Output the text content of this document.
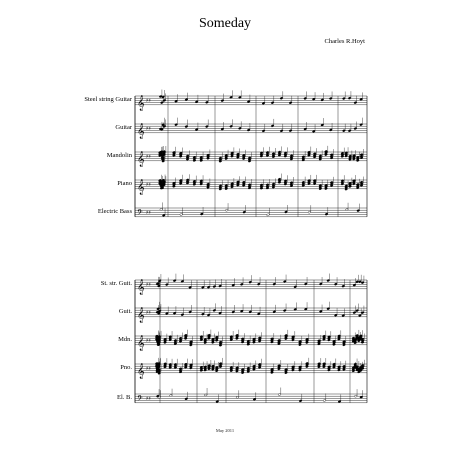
Someday
Charles R.Hoyt
Steel string Guitar
Guitar
Mandolin
Piano
Electric Bass
St. str. Guit.
Guit.
Mdn.
Pno.
El. B.
𝄞 ♯♯
𝄞 ♯♯
𝄞 ♯♯
𝄞 ♯♯
𝄢 ♯♯
𝄞 ♯♯
𝄞 ♯♯
𝄞 ♯♯
𝄞 ♯♯
𝄢 ♯♯
May 2011
